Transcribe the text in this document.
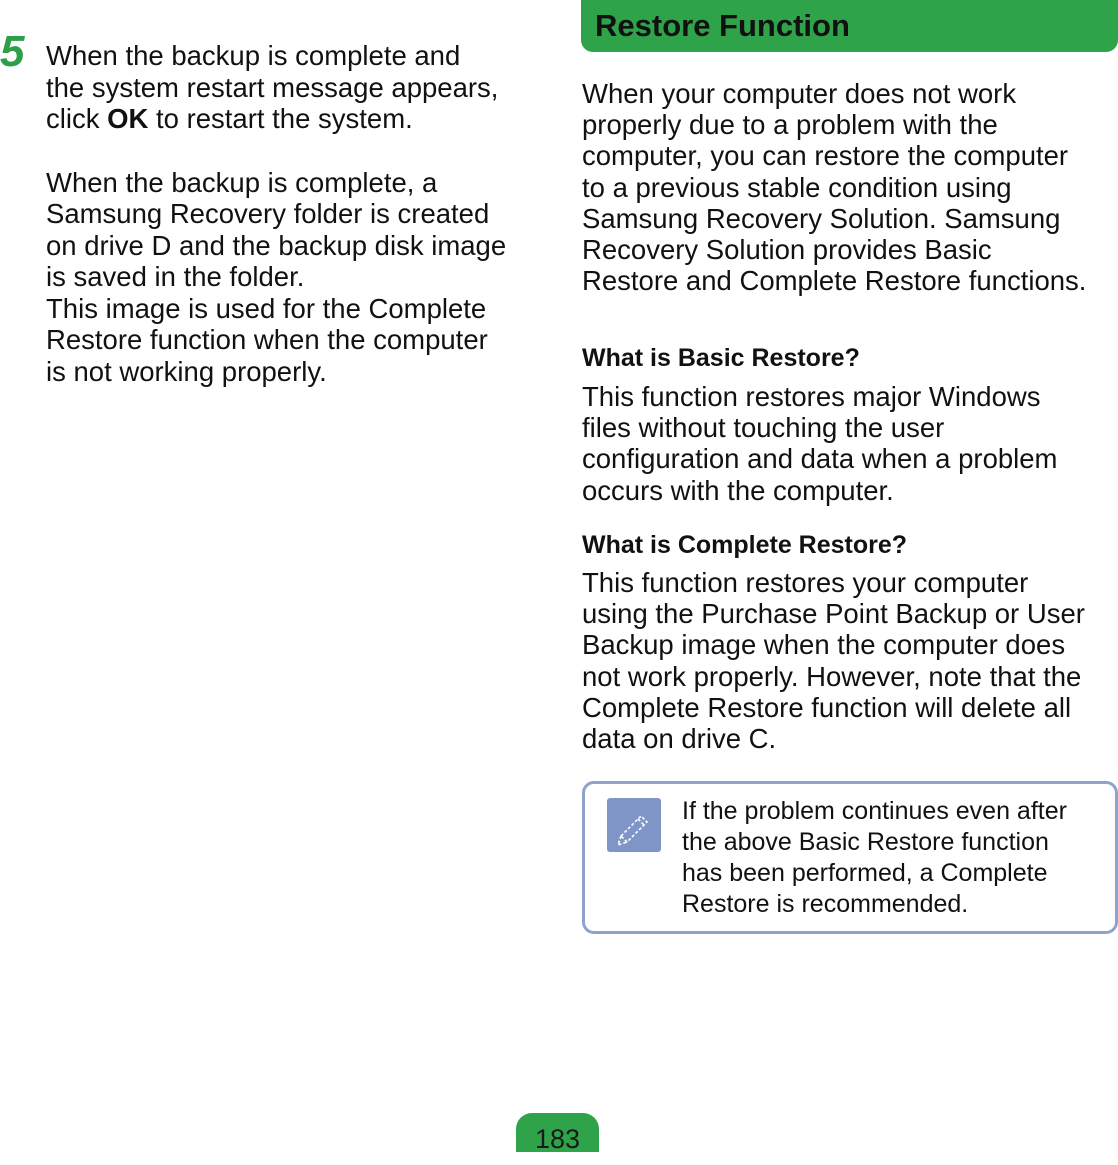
5 When the backup is complete and
the system restart message appears,
click OK to restart the system.

When the backup is complete, a
Samsung Recovery folder is created
on drive D and the backup disk image
is saved in the folder.
This image is used for the Complete
Restore function when the computer
is not working properly.

Restore Function
When your computer does not work
properly due to a problem with the
computer, you can restore the computer
to a previous stable condition using
Samsung Recovery Solution. Samsung
Recovery Solution provides Basic
Restore and Complete Restore functions.
What is Basic Restore?
This function restores major Windows
files without touching the user
configuration and data when a problem
occurs with the computer.
What is Complete Restore?
This function restores your computer
using the Purchase Point Backup or User
Backup image when the computer does
not work properly. However, note that the
Complete Restore function will delete all
data on drive C.
If the problem continues even after
the above Basic Restore function
has been performed, a Complete
Restore is recommended.
183
